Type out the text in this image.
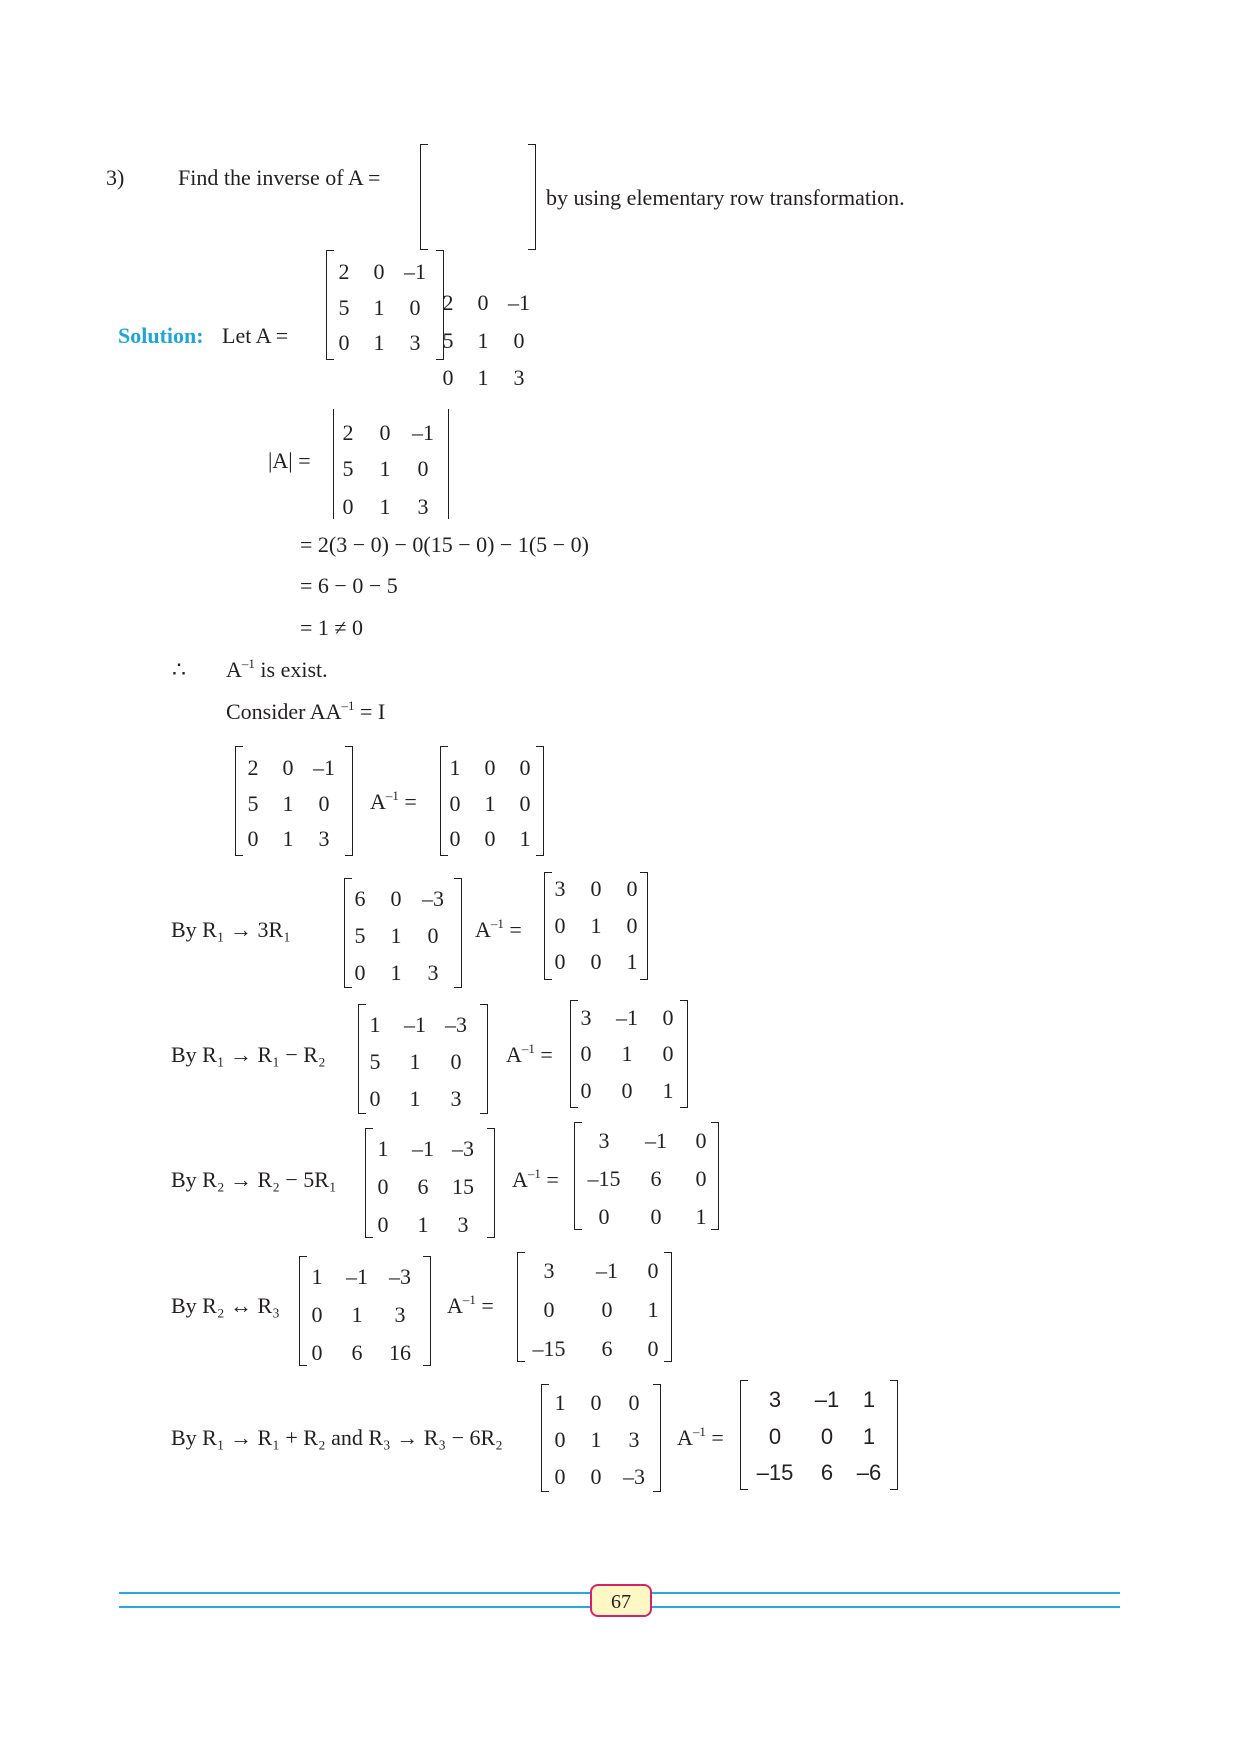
3) Find the inverse of A =
2	0 –1
5	1	0
0	1	3
by using elementary row transformation.
Solution: Let A =
2	0 –1
5	1	0
0	1	3
|A| =
2	0 –1
5	1	0
0	1	3
= 2(3 − 0) − 0(15 − 0) − 1(5 − 0)
= 6 − 0 − 5
= 1 ≠ 0
∴ $A^{-1}$ is exist.
Consider $AA^{-1} = I$
2	0 –1
5	1	0
0	1	3
$A^{-1}$ =
1	0	0
0	1	0
0	0	1
By R₁ → 3R₁
6	0 –3
5	1	0
0	1	3
$A^{-1}$ =
3	0	0
0	1	0
0	0	1
By R₁ → R₁ − R₂
1	–1 –3
5	1	0
0	1	3
$A^{-1}$ =
3	–1	0
0	1	0
0	0	1
By R₂ → R₂ − 5R₁
1	–1 –3
0	6	15
0	1	3
$A^{-1}$ =
3	–1	0
–15	6	0
0	0	1
By R₂ ↔ R₃
1	–1 –3
0	1	3
0	6	16
$A^{-1}$ =
3	–1	0
0	0	1
–15	6	0
By R₁ → R₁ + R₂ and R₃ → R₃ − 6R₂
1	0	0
0	1	3
0	0 –3
$A^{-1}$ =
3	–1	1
0	0	1
–15	6	–6
67
